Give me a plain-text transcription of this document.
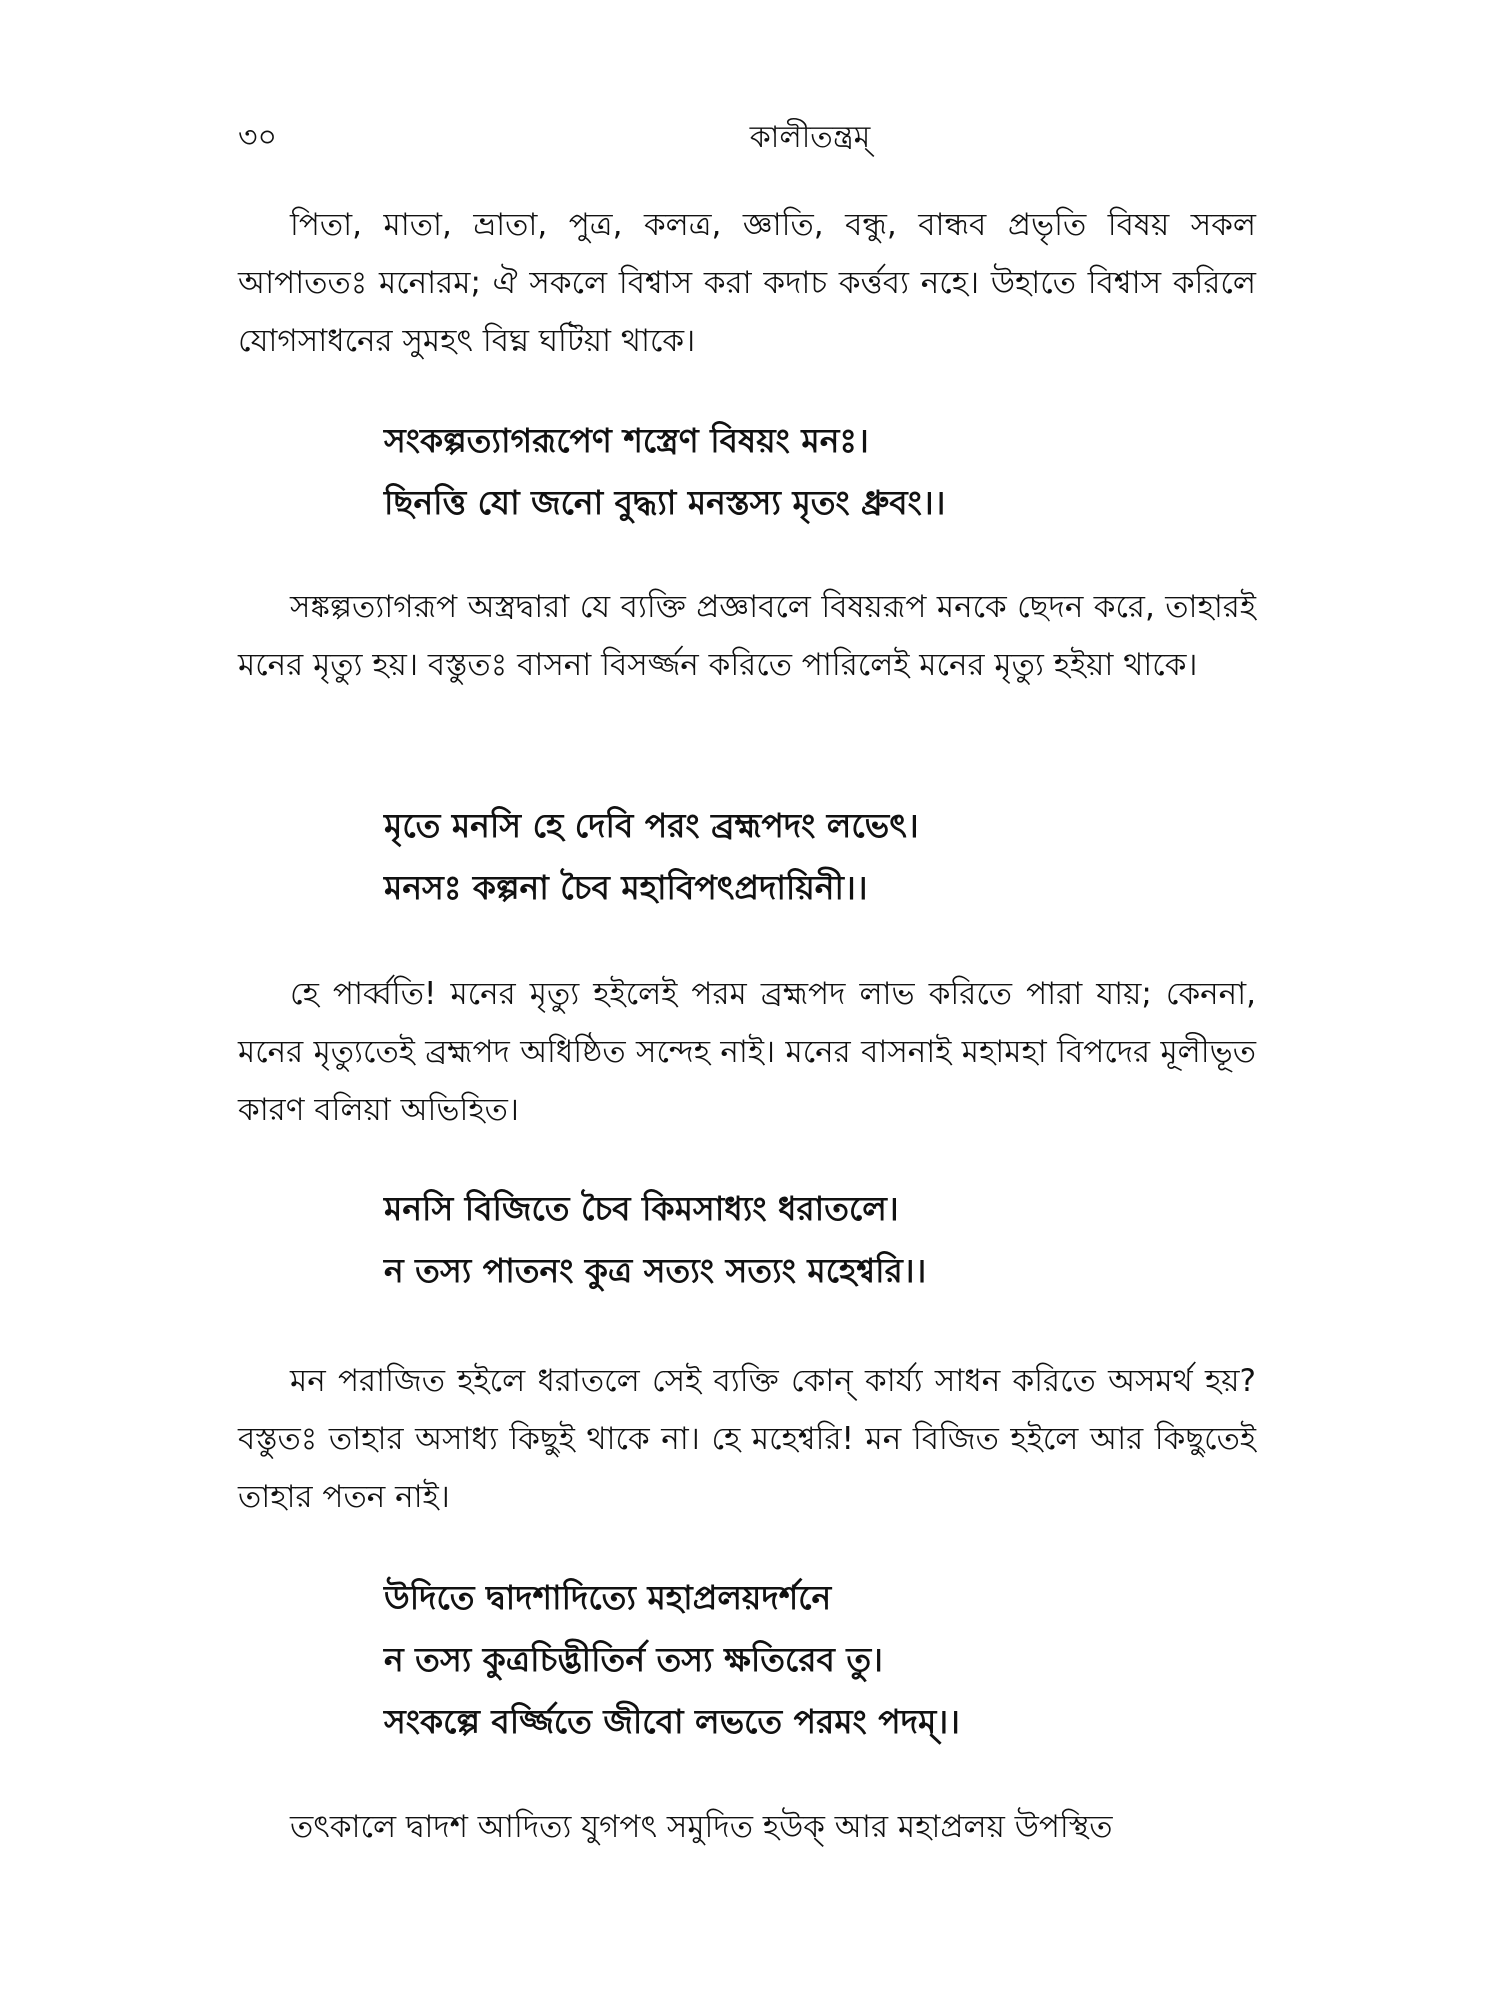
৩০	কালীতন্ত্রম্

পিতা, মাতা, ভ্রাতা, পুত্র, কলত্র, জ্ঞাতি, বন্ধু, বান্ধব প্রভৃতি বিষয় সকল আপাততঃ মনোরম; ঐ সকলে বিশ্বাস করা কদাচ কর্ত্তব্য নহে। উহাতে বিশ্বাস করিলে যোগসাধনের সুমহৎ বিঘ্ন ঘটিয়া থাকে।

সংকল্পত্যাগরূপেণ শস্ত্রেণ বিষয়ং মনঃ।
ছিনত্তি যো জনো বুদ্ধ্যা মনস্তস্য মৃতং ধ্রুবং।।

সঙ্কল্পত্যাগরূপ অস্ত্রদ্বারা যে ব্যক্তি প্রজ্ঞাবলে বিষয়রূপ মনকে ছেদন করে, তাহারই মনের মৃত্যু হয়। বস্তুতঃ বাসনা বিসর্জ্জন করিতে পারিলেই মনের মৃত্যু হইয়া থাকে।

মৃতে মনসি হে দেবি পরং ব্রহ্মপদং লভেৎ।
মনসঃ কল্পনা চৈব মহাবিপৎপ্রদায়িনী।।

হে পার্ব্বতি! মনের মৃত্যু হইলেই পরম ব্রহ্মপদ লাভ করিতে পারা যায়; কেননা, মনের মৃত্যুতেই ব্রহ্মপদ অধিষ্ঠিত সন্দেহ নাই। মনের বাসনাই মহামহা বিপদের মূলীভূত কারণ বলিয়া অভিহিত।

মনসি বিজিতে চৈব কিমসাধ্যং ধরাতলে।
ন তস্য পাতনং কুত্র সত্যং সত্যং মহেশ্বরি।।

মন পরাজিত হইলে ধরাতলে সেই ব্যক্তি কোন্ কার্য্য সাধন করিতে অসমর্থ হয়? বস্তুতঃ তাহার অসাধ্য কিছুই থাকে না। হে মহেশ্বরি! মন বিজিত হইলে আর কিছুতেই তাহার পতন নাই।

উদিতে দ্বাদশাদিত্যে মহাপ্রলয়দর্শনে
ন তস্য কুত্রচিদ্ভীতির্ন তস্য ক্ষতিরেব তু।
সংকল্পে বর্জ্জিতে জীবো লভতে পরমং পদম্।।

তৎকালে দ্বাদশ আদিত্য যুগপৎ সমুদিত হউক্ আর মহাপ্রলয় উপস্থিত
